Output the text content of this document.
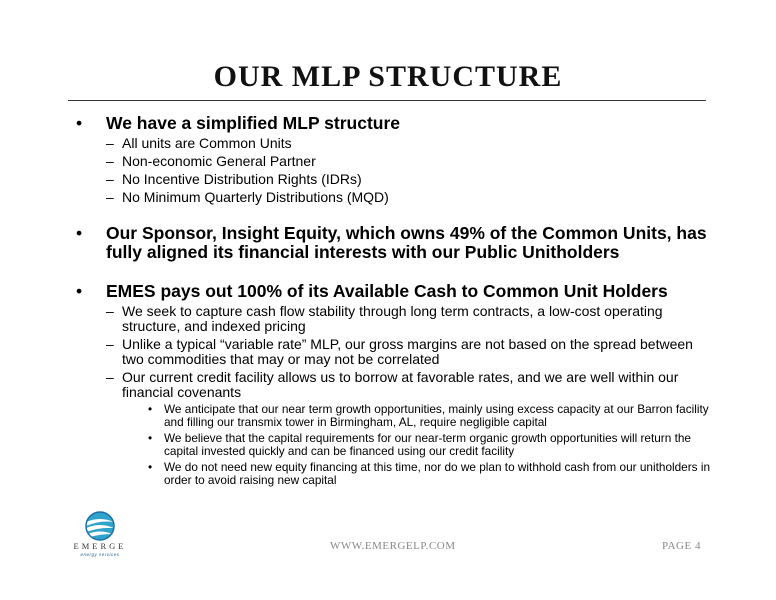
OUR MLP STRUCTURE
• We have a simplified MLP structure
– All units are Common Units
– Non-economic General Partner
– No Incentive Distribution Rights (IDRs)
– No Minimum Quarterly Distributions (MQD)
• Our Sponsor, Insight Equity, which owns 49% of the Common Units, has fully aligned its financial interests with our Public Unitholders
• EMES pays out 100% of its Available Cash to Common Unit Holders
– We seek to capture cash flow stability through long term contracts, a low-cost operating structure, and indexed pricing
– Unlike a typical “variable rate” MLP, our gross margins are not based on the spread between two commodities that may or may not be correlated
– Our current credit facility allows us to borrow at favorable rates, and we are well within our financial covenants
• We anticipate that our near term growth opportunities, mainly using excess capacity at our Barron facility and filling our transmix tower in Birmingham, AL, require negligible capital
• We believe that the capital requirements for our near-term organic growth opportunities will return the capital invested quickly and can be financed using our credit facility
• We do not need new equity financing at this time, nor do we plan to withhold cash from our unitholders in order to avoid raising new capital
EMERGE
energy services
WWW.EMERGELP.COM	PAGE 4
